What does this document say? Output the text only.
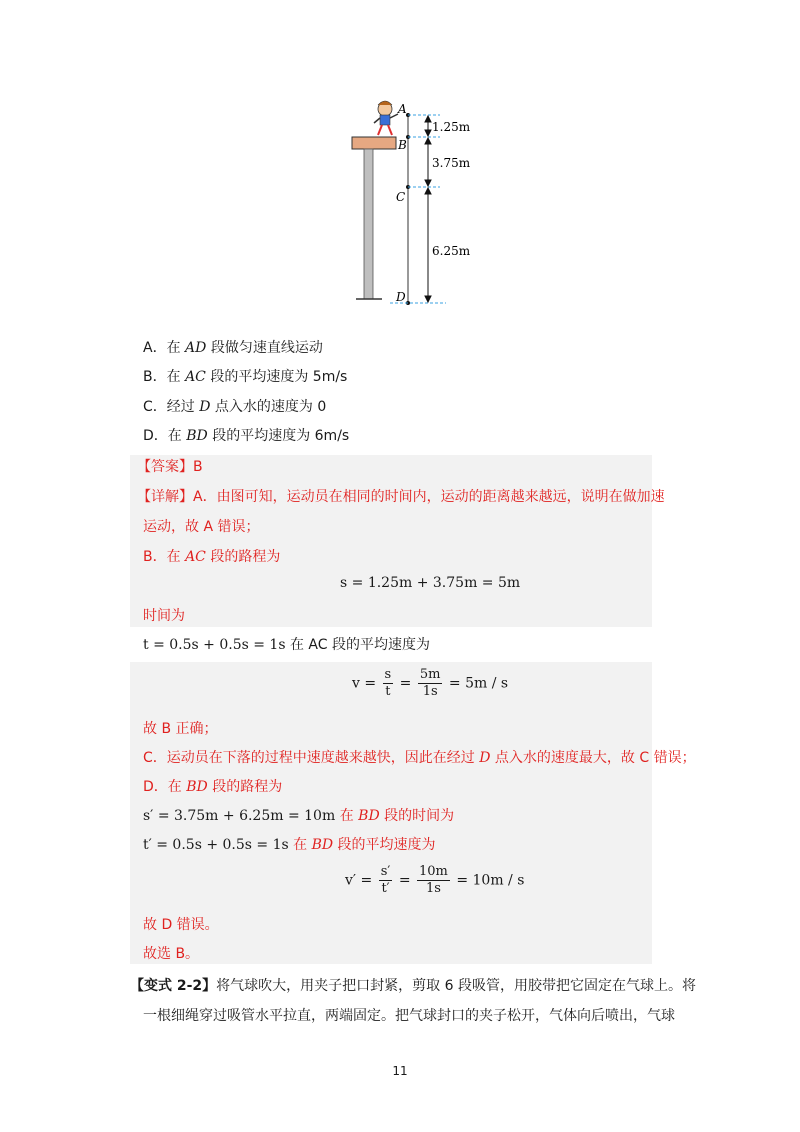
A
B
C
D
1.25m
3.75m
6.25m
A．在 AD 段做匀速直线运动
B．在 AC 段的平均速度为 5m/s
C．经过 D 点入水的速度为 0
D．在 BD 段的平均速度为 6m/s
【答案】B
【详解】A．由图可知，运动员在相同的时间内，运动的距离越来越远，说明在做加速
运动，故 A 错误；
B．在 AC 段的路程为
s = 1.25m + 3.75m = 5m
时间为
t = 0.5s + 0.5s = 1s 在 AC 段的平均速度为
$v = \frac{s}{t} = \frac{5m}{1s} = 5m / s$
故 B 正确；
C．运动员在下落的过程中速度越来越快，因此在经过 D 点入水的速度最大，故 C 错误；
D．在 BD 段的路程为
s′ = 3.75m + 6.25m = 10m 在 BD 段的时间为
t′ = 0.5s + 0.5s = 1s 在 BD 段的平均速度为
$v' = \frac{s'}{t'} = \frac{10m}{1s} = 10m / s$
故 D 错误。
故选 B。
【变式 2-2】将气球吹大，用夹子把口封紧，剪取 6 段吸管，用胶带把它固定在气球上。将
一根细绳穿过吸管水平拉直，两端固定。把气球封口的夹子松开，气体向后喷出，气球
11
